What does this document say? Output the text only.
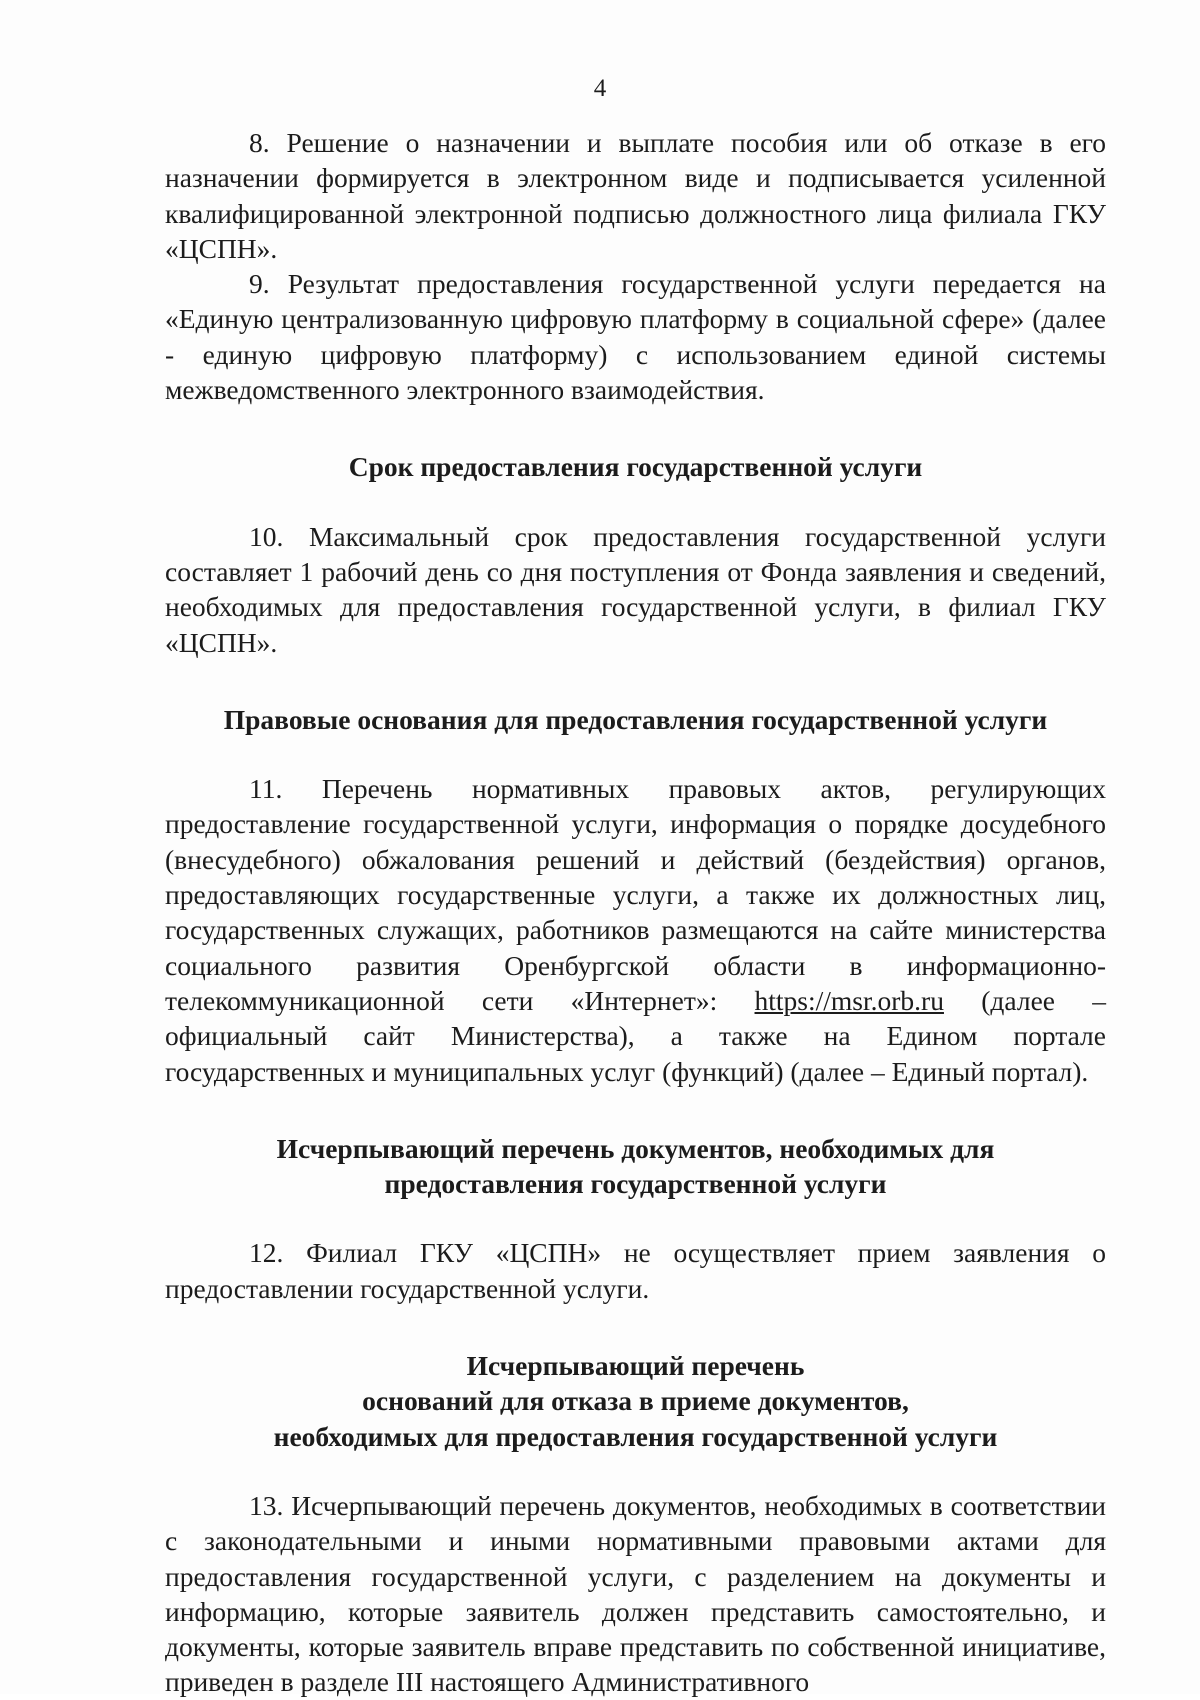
4

8. Решение о назначении и выплате пособия или об отказе в его назначении формируется в электронном виде и подписывается усиленной квалифицированной электронной подписью должностного лица филиала ГКУ «ЦСПН».

9. Результат предоставления государственной услуги передается на «Единую централизованную цифровую платформу в социальной сфере» (далее - единую цифровую платформу) с использованием единой системы межведомственного электронного взаимодействия.

Срок предоставления государственной услуги

10. Максимальный срок предоставления государственной услуги составляет 1 рабочий день со дня поступления от Фонда заявления и сведений, необходимых для предоставления государственной услуги, в филиал ГКУ «ЦСПН».

Правовые основания для предоставления государственной услуги

11. Перечень нормативных правовых актов, регулирующих предоставление государственной услуги, информация о порядке досудебного (внесудебного) обжалования решений и действий (бездействия) органов, предоставляющих государственные услуги, а также их должностных лиц, государственных служащих, работников размещаются на сайте министерства социального развития Оренбургской области в информационно-телекоммуникационной сети «Интернет»: https://msr.orb.ru (далее – официальный сайт Министерства), а также на Едином портале государственных и муниципальных услуг (функций) (далее – Единый портал).

Исчерпывающий перечень документов, необходимых для
предоставления государственной услуги

12. Филиал ГКУ «ЦСПН» не осуществляет прием заявления о предоставлении государственной услуги.

Исчерпывающий перечень
оснований для отказа в приеме документов,
необходимых для предоставления государственной услуги

13. Исчерпывающий перечень документов, необходимых в соответствии с законодательными и иными нормативными правовыми актами для предоставления государственной услуги, с разделением на документы и информацию, которые заявитель должен представить самостоятельно, и документы, которые заявитель вправе представить по собственной инициативе, приведен в разделе III настоящего Административного
